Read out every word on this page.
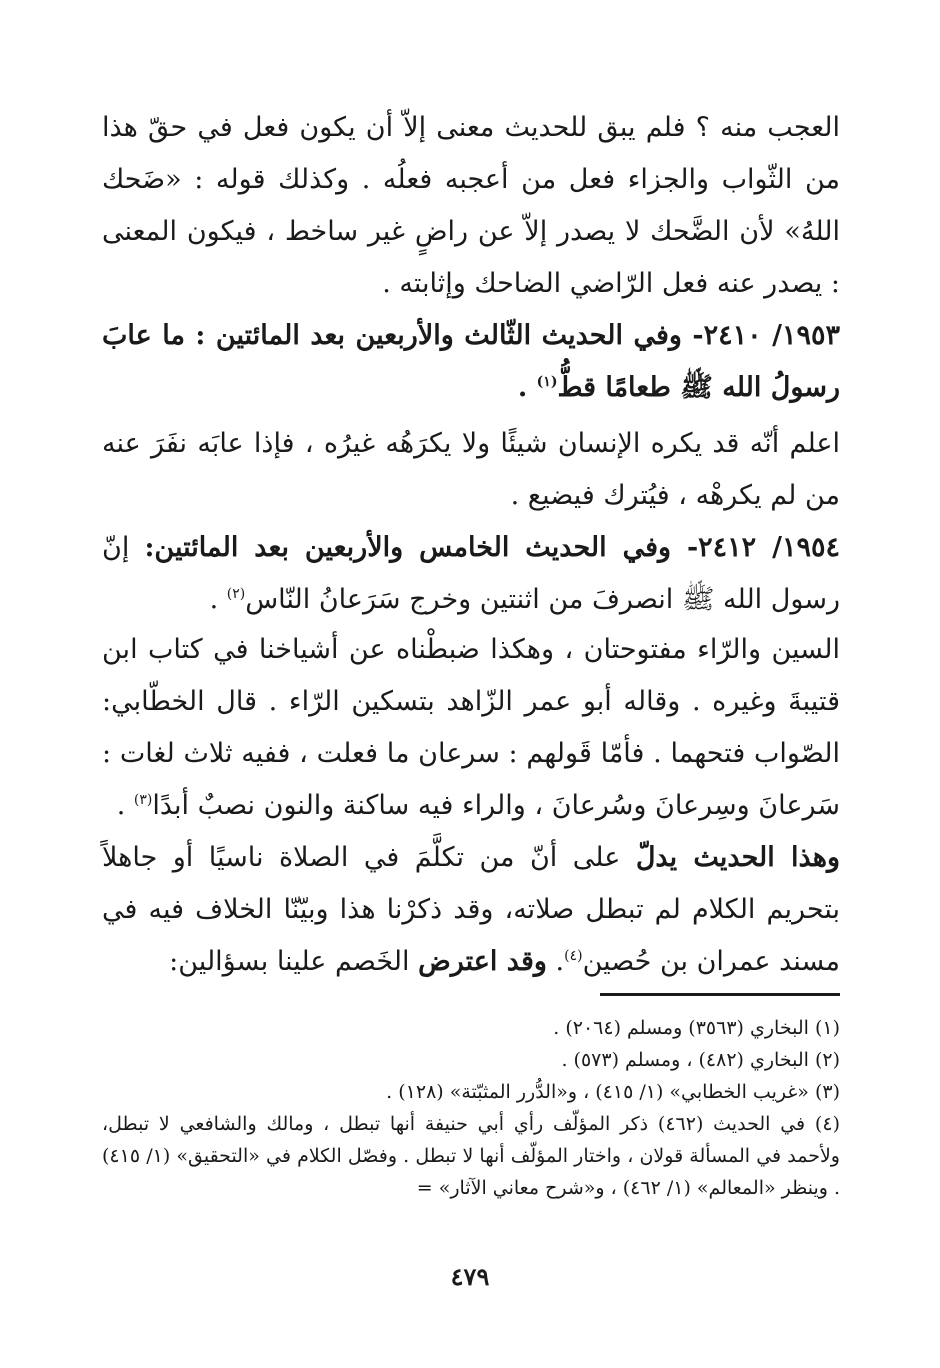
العجب منه ؟ فلم يبق للحديث معنى إلاّ أن يكون فعل في حقّ هذا من الثّواب والجزاء فعل من أعجبه فعلُه . وكذلك قوله : «ضَحك اللهُ» لأن الضَّحك لا يصدر إلاّ عن راضٍ غير ساخط ، فيكون المعنى : يصدر عنه فعل الرّاضي الضاحك وإثابته .

١٩٥٣/ ٢٤١٠- وفي الحديث الثّالث والأربعين بعد المائتين : ما عابَ رسولُ الله ﷺ طعامًا قطُّ$^{(١)}$ .

اعلم أنّه قد يكره الإنسان شيئًا ولا يكرَهُه غيرُه ، فإذا عابَه نفَرَ عنه من لم يكرهْه ، فيُترك فيضيع .

١٩٥٤/ ٢٤١٢- وفي الحديث الخامس والأربعين بعد المائتين: إنّ رسول الله ﷺ انصرفَ من اثنتين وخرج سَرَعانُ النّاس$^{(٢)}$ .

السين والرّاء مفتوحتان ، وهكذا ضبطْناه عن أشياخنا في كتاب ابن قتيبةَ وغيره . وقاله أبو عمر الزّاهد بتسكين الرّاء . قال الخطّابي: الصّواب فتحهما . فأمّا قَولهم : سرعان ما فعلت ، ففيه ثلاث لغات : سَرعانَ وسِرعانَ وسُرعانَ ، والراء فيه ساكنة والنون نصبٌ أبدًا$^{(٣)}$ .

وهذا الحديث يدلّ على أنّ من تكلَّمَ في الصلاة ناسيًا أو جاهلاً بتحريم الكلام لم تبطل صلاته، وقد ذكرْنا هذا وبيّنّا الخلاف فيه في مسند عمران بن حُصين$^{(٤)}$. وقد اعترض الخَصم علينا بسؤالين:

(١) البخاري (٣٥٦٣) ومسلم (٢٠٦٤) .

(٢) البخاري (٤٨٢) ، ومسلم (٥٧٣) .

(٣) «غريب الخطابي» (١/ ٤١٥) ، و«الدُّرر المثبّتة» (١٢٨) .

(٤) في الحديث (٤٦٢) ذكر المؤلّف رأي أبي حنيفة أنها تبطل ، ومالك والشافعي لا تبطل، ولأحمد في المسألة قولان ، واختار المؤلّف أنها لا تبطل . وفصّل الكلام في «التحقيق» (١/ ٤١٥) . وينظر «المعالم» (١/ ٤٦٢) ، و«شرح معاني الآثار» =

٤٧٩
